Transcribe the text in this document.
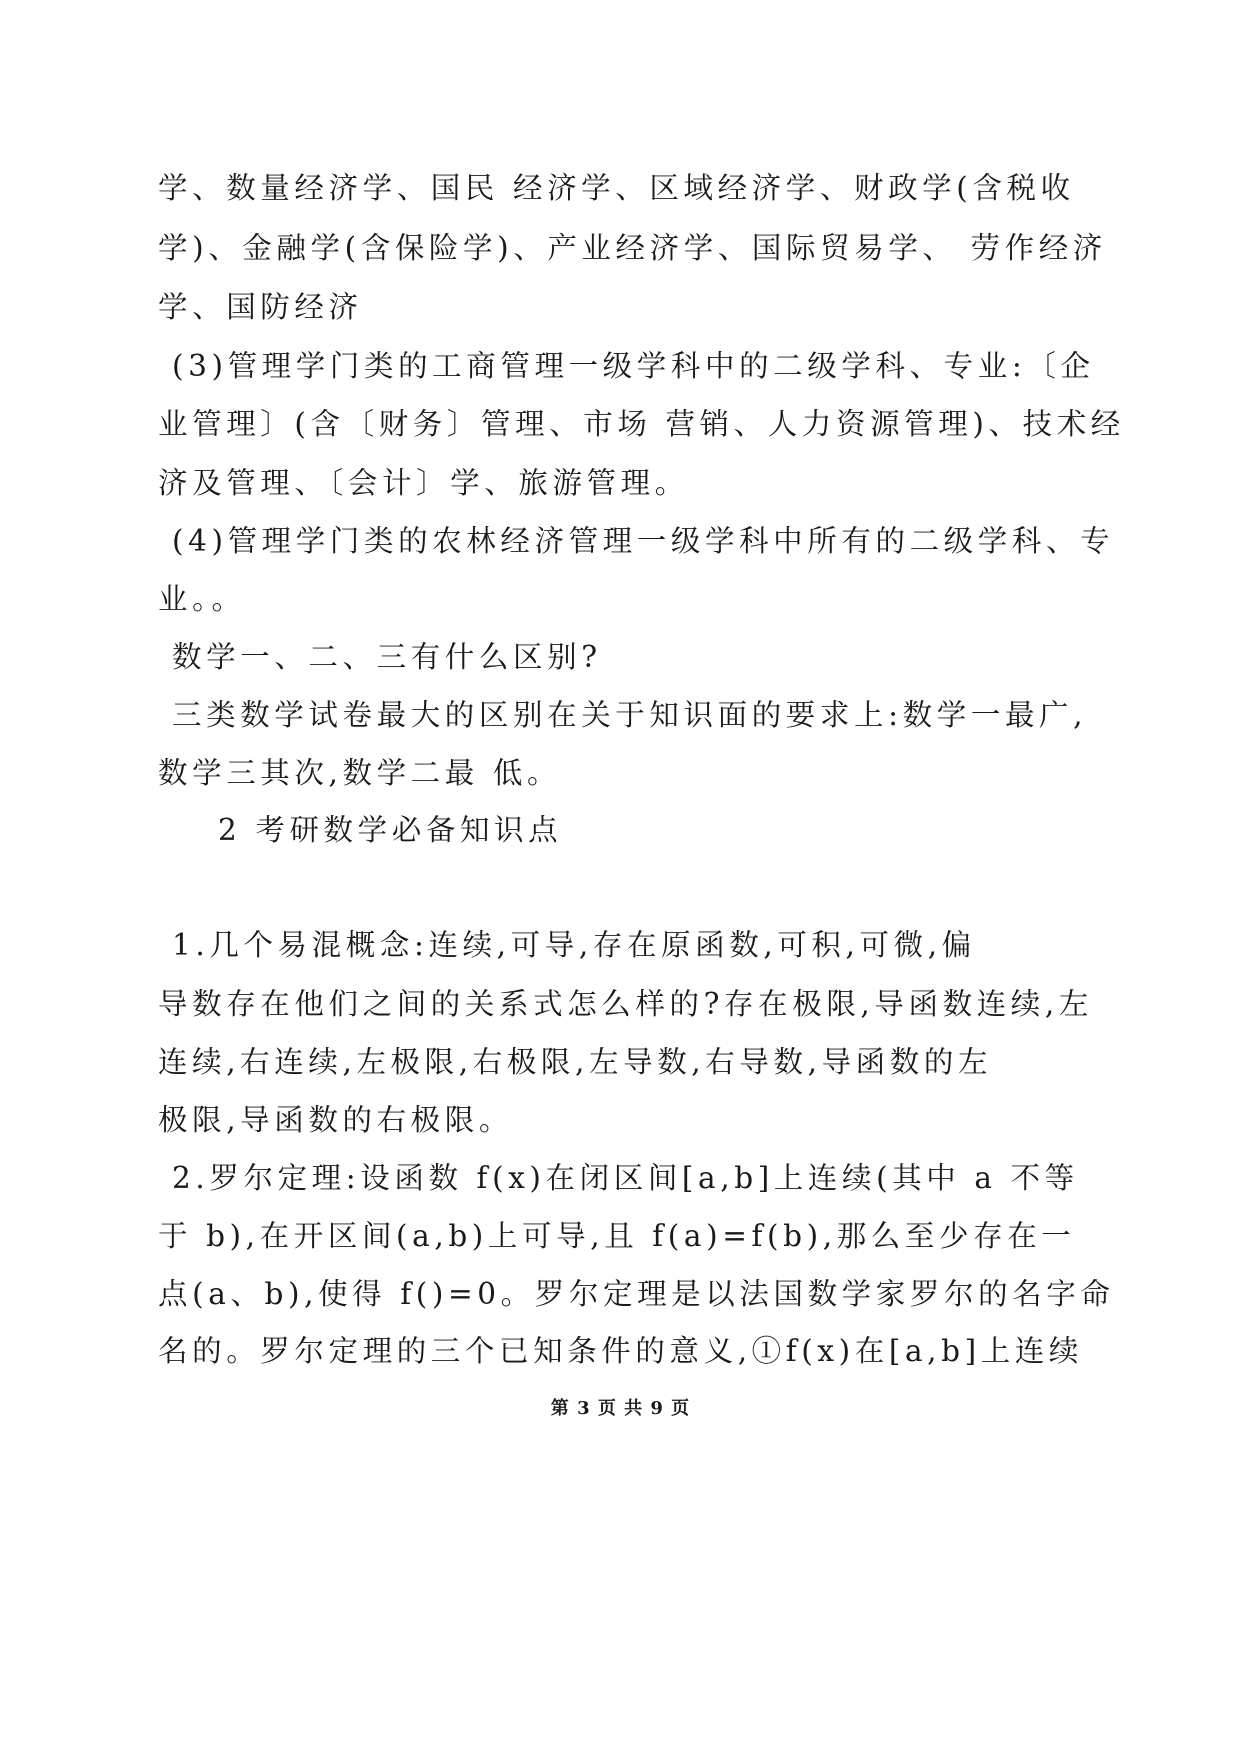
学、数量经济学、国民 经济学、区域经济学、财政学(含税收
学)、金融学(含保险学)、产业经济学、国际贸易学、 劳作经济
学、国防经济
(3)管理学门类的工商管理一级学科中的二级学科、专业:〔企
业管理〕(含〔财务〕管理、市场 营销、人力资源管理)、技术经
济及管理、〔会计〕学、旅游管理。
(4)管理学门类的农林经济管理一级学科中所有的二级学科、专
业。。
数学一、二、三有什么区别?
三类数学试卷最大的区别在关于知识面的要求上:数学一最广,
数学三其次,数学二最 低。
2 考研数学必备知识点
1.几个易混概念:连续,可导,存在原函数,可积,可微,偏
导数存在他们之间的关系式怎么样的?存在极限,导函数连续,左
连续,右连续,左极限,右极限,左导数,右导数,导函数的左
极限,导函数的右极限。
2.罗尔定理:设函数 f(x)在闭区间[a,b]上连续(其中 a 不等
于 b),在开区间(a,b)上可导,且 f(a)=f(b),那么至少存在一
点(a、b),使得 f()=0。罗尔定理是以法国数学家罗尔的名字命
名的。罗尔定理的三个已知条件的意义,①f(x)在[a,b]上连续
第 3 页 共 9 页
